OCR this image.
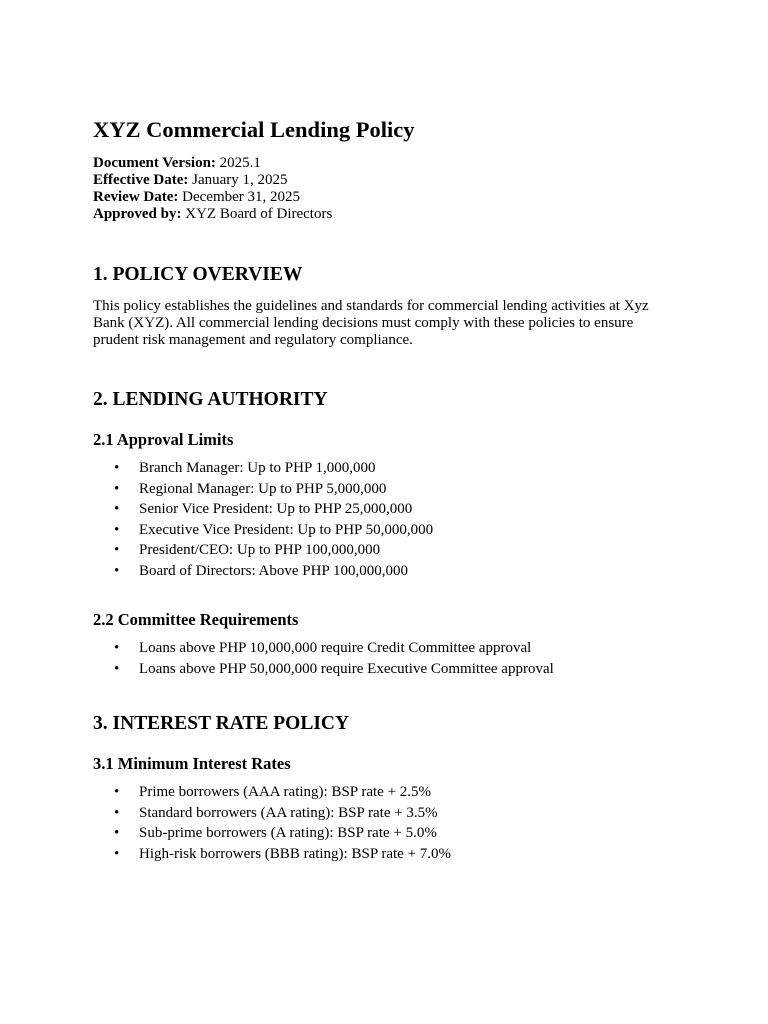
XYZ Commercial Lending Policy
Document Version: 2025.1
Effective Date: January 1, 2025
Review Date: December 31, 2025
Approved by: XYZ Board of Directors
1. POLICY OVERVIEW

This policy establishes the guidelines and standards for commercial lending activities at Xyz Bank (XYZ). All commercial lending decisions must comply with these policies to ensure prudent risk management and regulatory compliance.

2. LENDING AUTHORITY
2.1 Approval Limits
• Branch Manager: Up to PHP 1,000,000
• Regional Manager: Up to PHP 5,000,000
• Senior Vice President: Up to PHP 25,000,000
• Executive Vice President: Up to PHP 50,000,000
• President/CEO: Up to PHP 100,000,000
• Board of Directors: Above PHP 100,000,000
2.2 Committee Requirements
• Loans above PHP 10,000,000 require Credit Committee approval
• Loans above PHP 50,000,000 require Executive Committee approval
3. INTEREST RATE POLICY
3.1 Minimum Interest Rates
• Prime borrowers (AAA rating): BSP rate + 2.5%
• Standard borrowers (AA rating): BSP rate + 3.5%
• Sub-prime borrowers (A rating): BSP rate + 5.0%
• High-risk borrowers (BBB rating): BSP rate + 7.0%
